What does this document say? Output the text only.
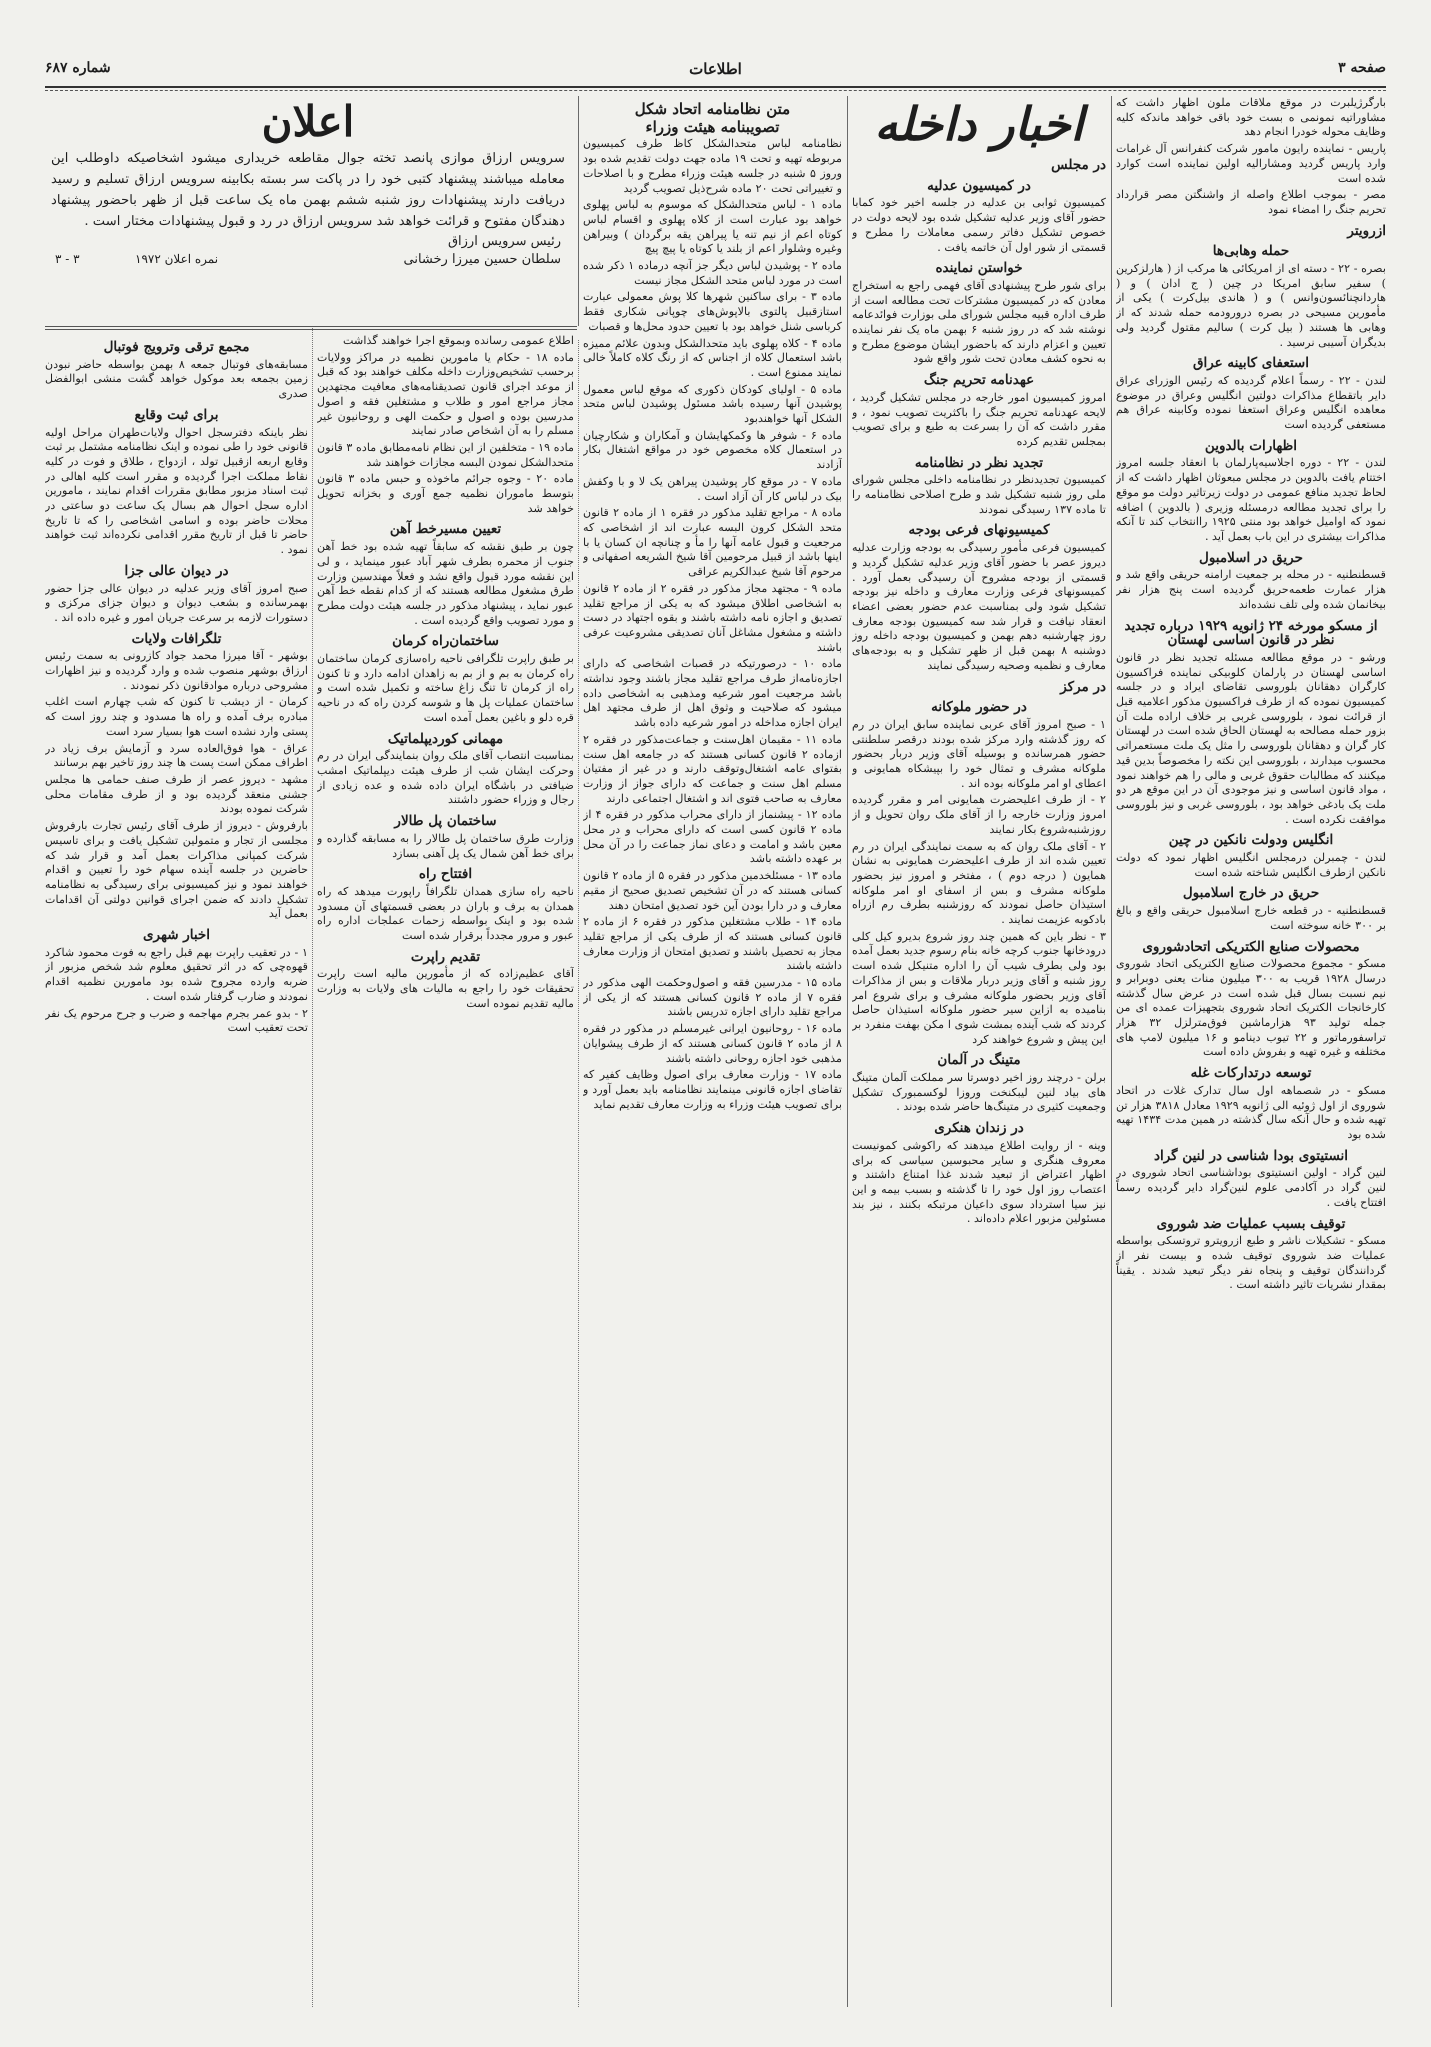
صفحه ۳
اطلاعات
شماره ۶۸۷

بارگرژیلبرت در موقع ملاقات ملون اظهار داشت که مشاوراتیه نمونمی ه بست خود باقی خواهد ماندکه کلیه وظایف محوله خودرا انجام دهد

پاریس - نماینده رایون مامور شرکت کنفرانس آل غرامات وارد پاریس گردید ومشاراليه اولین نماینده است کوارد شده است

مصر - بموجب اطلاع واصله از واشنگتن مصر قرارداد تحریم جنگ را امضاء نمود

ازرویتر
حمله وهابی‌ها

بصره - ۲۲ - دسته ای از امریکائی ها مرکب از ( هارلزکرین ) سفیر سابق امریکا در چین ( ج ادان ) و ( هاردانچنائسون‌وانس ) و ( هاندی‌ بیل‌کرت ) یکی از مأمورین مسیحی در بصره درورودمه حمله شدند که از وهابی ها هستند ( بیل کرت ) سالیم مقتول گردید ولی بدیگران آسیبی نرسید .

استعفای کابینه عراق

لندن - ۲۲ - رسماً اعلام گردیده که رئیس الوزرای عراق دایر باتقطاع مذاکرات دولتین انگلیس وعراق در موضوع معاهده انگلیس‌ وعراق استعفا نموده وکابینه عراق هم مستعفی گردیده است

اظهارات بالدوین

لندن - ۲۲ - دوره اجلاسیه‌پارلمان با انعقاد جلسه امروز اختتام یافت بالدوین در مجلس مبعوثان اظهار داشت که از لحاظ تجدید منافع عمومی در دولت زیرتاثیر دولت مو موقع را برای تجدید مطالعه درمسئله وزیری ( بالدوین ) اضافه نمود که اوامیل خواهد بود منتی ۱۹۲۵ راانتخاب کند تا آنکه مذاکرات بیشتری در این باب بعمل آید .

حریق در اسلامبول

قسطنطنیه - در محله بر جمعیت ارامنه حریقی واقع شد و هزار عمارت طعمه‌حریق گردیده است پنج هزار نفر بیخانمان شده ولی تلف نشده‌اند

از مسکو مورخه ۲۴ ژانویه ۱۹۲۹ درباره تجدید نظر در قانون اساسی لهستان

ورشو - در موقع مطالعه مسئله تجدید نظر در قانون اساسی لهستان در پارلمان کلوبیکی نماینده فراکسیون کارگران دهقانان بلوروسی تقاضای ایراد و در جلسه کمیسیون نموده که از طرف فراکسیون مذکور اعلامیه قبل از قرائت نمود ، بلوروسی غربی بر خلاف اراده ملت آن بزور حمله مصالحه به لهستان الحاق شده است در لهستان کار گران و دهقانان بلوروسی را مثل یک ملت مستعمراتی محسوب میدارند ، بلوروسی این نکته را مخصوصاً بدین قید میکنند که مطالبات حقوق غربی و مالی را هم خواهند نمود ، مواد قانون اساسی و نیز موجودی آن در این موقع هر دو ملت یک بادغی خواهد بود ، بلوروسی غربی و نیز بلوروسی موافقت نکرده است .

انگلیس ودولت نانکین در چین

لندن - چمبرلن درمجلس انگلیس اظهار نمود که دولت نانکین ازطرف انگلیس شناخته شده است

حریق در خارج اسلامبول

قسطنطنیه - در قطعه خارج اسلامبول حریقی واقع و بالغ بر ۳۰۰ خانه سوخته است

محصولات صنایع الکتریکی اتحادشوروی

مسکو - مجموع محصولات صنایع الکتریکی اتحاد شوروی درسال ۱۹۲۸ قریب به ۳۰۰ میلیون منات یعنی دوبرابر و نیم نسبت بسال قبل شده است در عرض سال گذشته کارخانجات الکتریک اتحاد شوروی بتجهیزات عمده ای من جمله تولید ۹۳ هزارماشین فوق‌مترلزل ۳۲ هزار تراسفورماتور و ۲۲ تیوب دینامو و ۱۶ میلیون لامپ های مختلفه و غیره تهیه و بفروش داده است

توسعه درتدارکات غله

مسکو - در شصماهه اول سال تدارک غلات در اتحاد شوروی از اول ژوئیه الی ژانویه ۱۹۲۹ معادل ۳۸۱۸ هزار تن تهیه شده و حال آنکه سال گذشته در همین مدت ۱۴۳۴ تهیه شده بود

انستیتوی بودا شناسی در لنین گراد

لنین گراد - اولین انستیتوی بوداشناسی اتحاد شوروی در لنین گراد در آکادمی علوم لنین‌گراد دایر گردیده رسماً افتتاح یافت .

توقیف بسبب عملیات ضد شوروی

مسکو - تشکیلات ناشر و طبع ازرویترو تروتسکی بواسطه عملیات ضد شوروی توقیف شده و بیست نفر از گردانندگان توقیف و پنجاه نفر دیگر تبعید شدند . یقیناً بمقدار نشریات تاثیر داشته است .

اخبار داخله
در مجلس
در کمیسیون عدلیه

کمیسیون ثوابی بن عدلیه در جلسه اخیر خود کمابا حضور آقای وزیر عدلیه تشکیل شده بود لایحه دولت در خصوص تشکیل دفاتر رسمی معاملات را مطرح و قسمتی از شور اول آن خاتمه یافت .

خواستن نماینده

برای شور طرح پیشنهادی آقای فهمی راجع به استخراج معادن که در کمیسیون مشترکات تحت مطالعه است از طرف اداره قبیه مجلس شورای ملی بوزارت فوائدعامه نوشته شد که در روز شنبه ۶ بهمن ماه یک نفر نماینده تعیین و اعزام دارند که باحضور ایشان موضوع مطرح و به نحوه کشف معادن تحت شور واقع شود

عهدنامه تحریم جنگ

امروز کمیسیون امور خارجه در مجلس تشکیل گردید ، لایحه عهدنامه تحریم جنگ را باکثریت تصویب نمود ، و مقرر داشت که آن را بسرعت به طبع و برای تصویب بمجلس تقدیم کرده

تجدید نظر در نظامنامه

کمیسیون تجدیدنظر در نظامنامه داخلی مجلس شورای ملی روز شنبه تشکیل شد و طرح اصلاحی نظامنامه را تا ماده ۱۳۷ رسیدگی نمودند

کمیسیونهای فرعی بودجه

کمیسیون فرعی مأمور رسیدگی به بودجه وزارت عدلیه دیروز عصر با حضور آقای وزیر عدلیه تشکیل گردید و قسمتی از بودجه مشروح آن رسیدگی بعمل آورد . کمیسونهای فرعی وزارت معارف و داخله نیز بودجه تشکیل شود ولی بمناسبت عدم حضور بعضی اعضاء انعقاد نیافت و قرار شد سه کمیسیون بودجه معارف روز چهارشنبه دهم بهمن و کمیسیون بودجه داخله روز دوشنبه ۸ بهمن قبل از ظهر تشکیل و به بودجه‌های معارف و نظمیه وصحیه رسیدگی نمایند

در مرکز
در حضور ملوکانه

۱ - صبح امروز آقای عربی نماینده سابق ایران در رم که روز گذشته وارد مرکز شده بودند درقصر سلطنتی حضور همرسانده و بوسیله آقای وزیر دربار بحضور ملوکانه مشرف و تمثال خود را بپیشکاه همایونی و اعطای او امر ملوکانه بوده اند .

۲ - از طرف اعلیحضرت همایونی امر و مقرر گردیده امروز وزارت خارجه را از آقای ملک روان تحویل و از روزشنبه‌شروع بکار نمایند

۲ - آقای ملک روان که به سمت نمایندگی ایران در رم تعیین شده اند از طرف اعلیحضرت همایونی به نشان همایون ( درجه دوم ) ، مفتخر و امروز نیز بحضور ملوکانه مشرف و بس از اسفای او امر ملوکانه استیذان حاصل نمودند که روزشنبه بطرف رم ازراه بادکوبه عزیمت نمایند .

۳ - نظر باین که همین چند روز شروع بدیرو کیل کلی درودخانها جنوب کرچه خانه بنام رسوم جدید بعمل آمده بود ولی بطرف شیب آن را اداره متنیکل شده است روز شنبه و آقای وزیر دربار ملاقات و بس از مذاکرات آقای وزیر بحضور ملوکانه مشرف و برای شروع امر بنامیده به ازاین سیر حضور ملوکانه استیذان حاصل کردند که شب آینده بمشت شوی ا مکن بهفت منفرد بر این پیش و شروع خواهند کرد

متینگ در آلمان

برلن - درچند روز اخیر دوسرتا سر مملکت آلمان متینگ های بیاد لنین لیبکنخت وروزا لوکسمبورک تشکیل وجمعیت کثیری در متینگ‌ها حاضر شده بودند .

در زندان هنکری

وینه - از روایت اطلاع میدهند که راکوشی کمونیست معروف هنگری و سایر محبوسین سیاسی که برای اظهار اعتراض از تبعید شدند غذا امتناع داشتند و اعتصاب روز اول خود را تا گذشته و بسبب بیمه و این نیز سیا استرداد سوی داعیان مرتبکه بکنند ، نیز بند مسئولین مزبور اعلام داده‌اند .

متن نظامنامه اتحاد شکل
تصویبنامه هیئت وزراء

نظامنامه لباس متحدالشکل کاظ طرف کمیسیون مربوطه تهیه و تحت ۱۹ ماده جهت دولت تقدیم شده بود وروز ۵ شنبه در جلسه هیئت وزراء مطرح و با اصلاحات و تغییراتی تحت ۲۰ ماده شرح‌ذیل تصویب گردید

ماده ۱ - لباس متحدالشکل که موسوم به لباس پهلوی خواهد بود عبارت است از کلاه پهلوی و اقسام لباس کوتاه اعم از نیم تنه یا پیراهن یقه برگردان ) وبیراهن وغیره وشلوار اعم از بلند یا کوتاه یا پیچ پیچ

ماده ۲ - پوشیدن لباس دیگر جز آنچه درماده ۱ ذکر شده است در مورد لباس متحد الشکل مجاز نیست

ماده ۳ - برای ساکنین شهرها کلا پوش معمولی عبارت استازقبیل پالتوی بالاپوش‌های چوپانی شکاری فقط کرباسی شنل خواهد بود با تعیین حدود محل‌ها و قصبات

ماده ۴ - کلاه پهلوی باید متحدالشکل وبدون علائم ممیزه باشد استعمال کلاه از اجناس که از رنگ کلاه کاملاً خالی نمایند ممنوع است .

ماده ۵ - اولیای کودکان ذکوری که موقع لباس معمول پوشیدن آنها رسیده باشد مسئول پوشیدن لباس متحد الشکل آنها خواهندبود

ماده ۶ - شوفر ها وکمکهایشان و آمکاران و شکارچیان در استعمال کلاه مخصوص خود در مواقع اشتغال بکار آزادند

ماده ۷ - در موقع کار پوشیدن پیراهن یک لا و با وکفش بیک در لباس کار آن آزاد است .

ماده ۸ - مراجع تقلید مذکور در فقره ۱ از ماده ۲ قانون متحد الشکل کرون البسه عبارت اند از اشخاصی که مرجعیت و قبول عامه آنها را مأ و چنانچه ان کسان یا با اینها باشد از قبیل مرحومین آقا شیخ الشریعه اصفهانی و مرحوم آقا شیخ عبدالکریم عراقی

ماده ۹ - مجتهد مجاز مذکور در فقره ۲ از ماده ۲ قانون به اشخاصی اطلاق میشود که به یکی از مراجع تقلید تصدیق و اجازه نامه داشته باشند و بقوه اجتهاد در دست داشته و مشغول مشاغل آنان تصدیقی مشروعیت عرفی باشند

ماده ۱۰ - درصورتیکه در قصبات اشخاصی که دارای اجازه‌نامه‌از طرف مراجع تقلید مجاز باشند وجود نداشته باشد مرجعیت امور شرعیه ومذهبی به اشخاصی داده میشود که صلاحیت و وثوق اهل از طرف مجتهد اهل ایران اجازه مداخله در امور شرعیه داده باشد

ماده ۱۱ - مقیمان اهل‌سنت و جماعت‌مذکور در فقره ۲ ازماده ۲ قانون کسانی هستند که در جامعه اهل سنت بفتوای عامه اشتغال‌وتوقف دارند و در غیر از مفتیان مسلم اهل سنت و جماعت که دارای جواز از وزارت معارف به صاحب فتوی اند و اشتغال اجتماعی دارند

ماده ۱۲ - پیشنماز از دارای محراب مذکور در فقره ۴ از ماده ۲ قانون کسی است که دارای محراب و در محل معین باشد و امامت و دعای نماز جماعت را در آن محل بر عهده داشته باشد

ماده ۱۳ - مسئلخدمین مذکور در فقره ۵ از ماده ۲ قانون کسانی هستند که در آن تشخیص تصدیق صحیح از مقیم معارف و در دارا بودن آین خود تصدیق امتحان دهند

ماده ۱۴ - طلاب مشتغلین مذکور در فقره ۶ از ماده ۲ قانون کسانی هستند که از طرف یکی از مراجع تقلید مجاز به تحصیل باشند و تصدیق امتحان از وزارت معارف داشته باشند

ماده ۱۵ - مدرسین فقه و اصول‌وحکمت الهی مذکور در فقره ۷ از ماده ۲ قانون کسانی هستند که از یکی از مراجع تقلید دارای اجازه تدریس باشند

ماده ۱۶ - روحانیون ایرانی غیرمسلم در مذکور در فقره ۸ از ماده ۲ قانون کسانی هستند که از طرف پیشوایان مذهبی خود اجازه روحانی داشته باشند

ماده ۱۷ - وزارت معارف برای اصول وظایف کفیر که تقاضای اجازه قانونی مینمایند نظامنامه باید بعمل آورد و برای تصویب هیئت وزراء به وزارت معارف تقدیم نماید

اعلان
سرویس ارزاق موازی پانصد تخته جوال مقاطعه خریداری میشود اشخاصیکه داوطلب این معامله میباشند پیشنهاد کتبی خود را در پاکت سر بسته بکابینه سرویس ارزاق تسلیم و رسید دریافت دارند پیشنهادات روز شنبه ششم بهمن ماه یک ساعت قبل از ظهر باحضور پیشنهاد دهندگان مفتوح و قرائت خواهد شد سرویس ارزاق در رد و قبول پیشنهادات مختار است .
رئیس سرویس ارزاق
سلطان حسین میرزا رخشانی
نمره اعلان ۱۹۷۲
۳ - ۳

اطلاع عمومی رسانده وبموقع اجرا خواهند گذاشت

ماده ۱۸ - حکام یا مامورین نظمیه در مراکز وولایات برحسب تشخیص‌وزارت داخله مکلف خواهند بود که قبل از موعد اجرای قانون تصدیقنامه‌های معافیت مجتهدین مجاز مراجع امور و طلاب و مشتغلین فقه و اصول مدرسین بوده و اصول و حکمت الهی و روحانیون غیر مسلم را به آن اشخاص صادر نمایند

ماده ۱۹ - متخلفین از این نظام نامه‌مطابق ماده ۳ قانون متحدالشکل نمودن البسه مجازات خواهند شد

ماده ۲۰ - وجوه جرائم ماخوذه و حبس ماده ۳ قانون بتوسط ماموران نظمیه جمع آوری و بخزانه تحویل خواهد شد

تعیین مسیرخط آهن

چون بر طبق نقشه که سابقاً تهیه شده بود خط آهن جنوب از محمره بطرف شهر آباد عبور مینماید ، و لی این نقشه مورد قبول واقع نشد و فعلاً مهندسین وزارت طرق مشغول مطالعه هستند که از کدام نقطه خط آهن عبور نماید ، پیشنهاد مذکور در جلسه هیئت دولت مطرح و مورد تصویب واقع گردیده است .

ساختمان‌راه کرمان

بر طبق راپرت تلگرافی ناحیه راه‌سازی کرمان ساختمان راه کرمان به بم و از بم به زاهدان ادامه دارد و تا کنون راه از کرمان تا تنگ زاغ ساخته و تکمیل شده است و ساختمان عملیات پل ها و شوسه کردن راه که در ناحیه قره دلو و باغین بعمل آمده است

مهمانی کوردیپلماتیک

بمناسبت انتصاب آقای ملک روان بنمایندگی ایران در رم وحرکت ایشان شب از طرف هیئت دیپلماتیک امشب ضیافتی در باشگاه ایران داده شده و عده زیادی از رجال و وزراء حضور داشتند

ساختمان پل طالار

وزارت طرق ساختمان پل طالار را به مسابقه گذارده و برای خط آهن شمال یک پل آهنی بسازد

افتتاح راه

ناحیه راه سازی همدان تلگرافاً راپورت میدهد که راه همدان به برف و باران در بعضی قسمتهای آن مسدود شده بود و اینک بواسطه زحمات عملجات اداره راه عبور و مرور مجدداً برقرار شده است

تقدیم راپرت

آقای عظیم‌زاده که از مأمورین مالیه است راپرت تحقیقات خود را راجع به مالیات های ولایات به وزارت مالیه تقدیم نموده است

مجمع ترقی وترویج فوتبال

مسابقه‌های فوتبال جمعه ۸ بهمن بواسطه حاضر نبودن زمین بجمعه بعد موکول خواهد گشت منشی ابوالفضل صدری

برای ثبت وقایع

نظر باینکه دفترسجل احوال ولایات‌طهران مراحل اولیه قانونی خود را طی نموده و اینک نظامنامه مشتمل بر ثبت وقایع اربعه ازقبیل تولد ، ازدواج ، طلاق و فوت در کلیه نقاط مملکت اجرا گردیده و مقرر است کلیه اهالی در ثبت اسناد مزبور مطابق مقررات اقدام نمایند ، مامورین اداره سجل احوال هم بسال یک ساعت دو ساعتی در محلات حاضر بوده و اسامی اشخاصی را که تا تاریخ حاضر تا قبل از تاریخ مقرر اقدامی نکرده‌اند ثبت خواهند نمود .

در دیوان عالی جزا

صبح امروز آقای وزیر عدلیه در دیوان عالی جزا حضور بهمرسانده و بشعب دیوان و دیوان جزای مرکزی و دستورات لازمه بر سرعت جریان امور و غیره داده اند .

تلگرافات ولایات

بوشهر - آقا میرزا محمد جواد کازرونی به سمت رئیس ارزاق بوشهر منصوب شده و وارد گردیده و نیز اظهارات مشروحی درباره موادقانون ذکر نمودند .

کرمان - از دیشب تا کنون که شب چهارم است اغلب مبادره برف آمده و راه ها مسدود و چند روز است که پستی وارد نشده است هوا بسیار سرد است

عراق - هوا فوق‌العاده سرد و آزمایش برف زیاد در اطراف ممکن است پست ها چند روز تاخیر بهم برسانند

مشهد - دیروز عصر از طرف صنف حمامی ها مجلس جشنی منعقد گردیده بود و از طرف مقامات محلی شرکت نموده بودند

بارفروش - دیروز از طرف آقای رئیس تجارت بارفروش مجلسی از تجار و متمولین تشکیل یافت و برای تاسیس شرکت کمپانی مذاکرات بعمل آمد و قرار شد که حاضرین در جلسه آینده سهام خود را تعیین و اقدام خواهند نمود و نیز کمیسیونی برای رسیدگی به نظامنامه تشکیل دادند که ضمن اجرای قوانین دولتی آن اقدامات بعمل آید

اخبار شهری

۱ - در تعقیب راپرت بهم قبل راجع به فوت محمود شاکرد قهوه‌چی که در اثر تحقیق معلوم شد شخص مزبور از ضربه وارده مجروح شده بود مامورین نظمیه اقدام نمودند و ضارب گرفتار شده است .

۲ - بدو عمر بجرم مهاجمه و ضرب و جرح مرحوم یک نفر تحت تعقیب است
